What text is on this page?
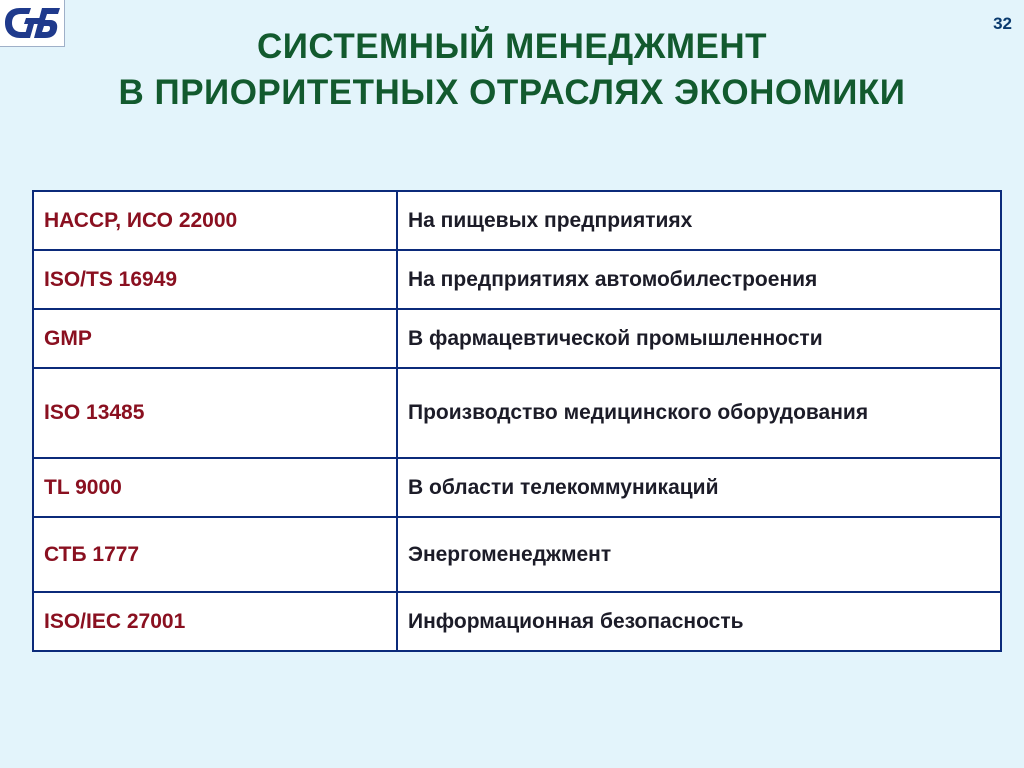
32
СИСТЕМНЫЙ МЕНЕДЖМЕНТ
В ПРИОРИТЕТНЫХ ОТРАСЛЯХ ЭКОНОМИКИ
НАССР, ИСО 22000	На пищевых предприятиях
ISO/TS 16949	На предприятиях автомобилестроения
GMP	В фармацевтической промышленности
ISO 13485	Производство медицинского оборудования
TL 9000	В области телекоммуникаций
СТБ 1777	Энергоменеджмент
ISO/IEC 27001	Информационная безопасность
